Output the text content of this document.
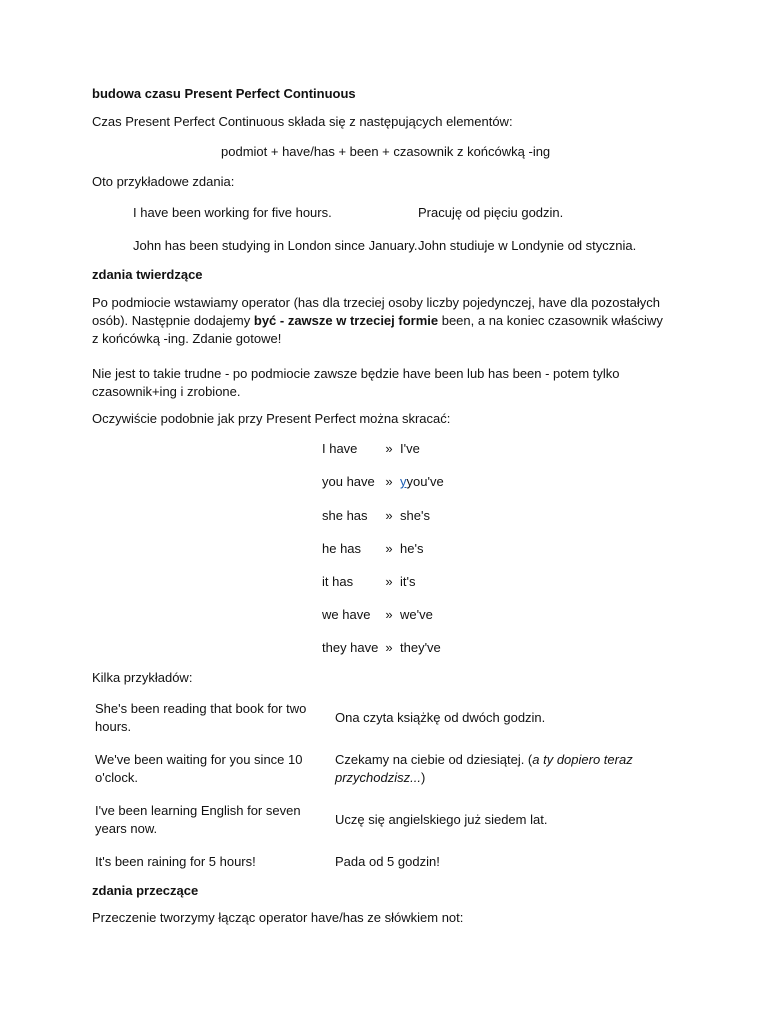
budowa czasu Present Perfect Continuous
Czas Present Perfect Continuous składa się z następujących elementów:
podmiot + have/has + been + czasownik z końcówką -ing
Oto przykładowe zdania:
I have been working for five hours.	Pracuję od pięciu godzin.
John has been studying in London since January. John studiuje w Londynie od stycznia.
zdania twierdzące
Po podmiocie wstawiamy operator (has dla trzeciej osoby liczby pojedynczej, have dla pozostałych osób). Następnie dodajemy być - zawsze w trzeciej formie been, a na koniec czasownik właściwy z końcówką -ing. Zdanie gotowe!
Nie jest to takie trudne - po podmiocie zawsze będzie have been lub has been - potem tylko czasownik+ing i zrobione.
Oczywiście podobnie jak przy Present Perfect można skracać:
I have » I've
you have » yyou've
she has » she's
he has » he's
it has » it's
we have » we've
they have » they've
Kilka przykładów:
She's been reading that book for two hours.
Ona czyta książkę od dwóch godzin.
We've been waiting for you since 10 o'clock.
Czekamy na ciebie od dziesiątej. (a ty dopiero teraz przychodzisz...)
I've been learning English for seven years now.
Uczę się angielskiego już siedem lat.
It's been raining for 5 hours!	Pada od 5 godzin!
zdania przeczące
Przeczenie tworzymy łącząc operator have/has ze słówkiem not:
